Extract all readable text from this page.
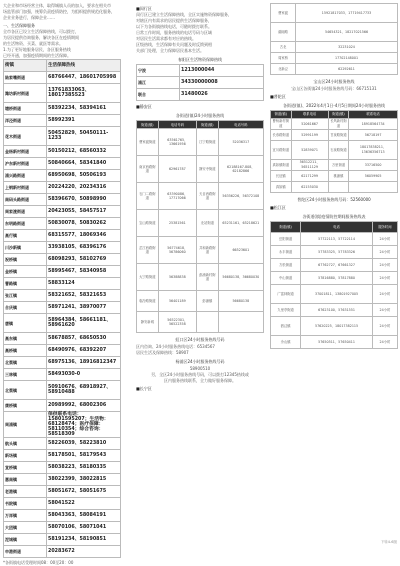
大企业和市场经营主体，取得城镇人员的加入，要求在相关市

场监管部门加强，统筹负责疫情防控，为组织提供规范化服务，

企业业务进行，保障企业……

一、生活保障服务

全市各区已设立生活保障热线，可以拨打，

为居民提供咨询服务，解决各区在疫情期间

的生活物资、买菜、就医等需求。

1.为了更好地服务居民，各区服务热线

已经开通，加强疫情期间的生活保障。

街镇	生活保障热线
陆家嘴街道	68766447、18601705998
潍坊新村街道	13761833063、18017385523
塘桥街道	58392234、58394161
洋泾街道	58992391
花木街道	50452829、50450111-1233
金杨新村街道	50150212、68560332
沪东新村街道	50840664、58341840
浦兴路街道	68950698、50506193
上钢新村街道	20224220、20234316
南码头路街道	58396670、50898990
周家渡街道	20423055、58457517
东明路街道	50830078、50830262
高行镇	68315577、18069346
川沙新镇	33938105、68396176
祝桥镇	68098293、58102769
金桥镇	58995467、58340958
曹路镇	58833124
张江镇	58321652、58321653
合庆镇	58971241、38970077
唐镇	58964384、58661181、58961620
高东镇	58678857、68650530
高桥镇	68490976、68392207
北蔡镇	68975136、18916812347
三林镇	58493030-0
北蔡镇	50910676、68918927、58910488
康桥镇	20989992、68002306
周浦镇	保供联系电话：15801595207；生活物：68128474；医疗保障：58110354；综合咨询：58518309
航头镇	58226039、58223810
新场镇	58178501、58179543
宣桥镇	58038223、58180335
惠南镇	38022399、38022815
老港镇	58051672、58051675
书院镇	58041522
万祥镇	58043363、58084191
大团镇	58070106、58071041
泥城镇	58191234、58190851
申港街道	20283672

*各街镇电话受理时间08：00至20：00

■闵行区

闵行区已建立生活保障热线，全区实施物资保障服务，

对辖区内有需求的居民提供生活保障服务，

以下为各街镇热线电话，可随时拨打联系。

日常工作时间，服务热线的电话号码与区域

对居民生活需求都有对应的热线。

区级热线，生活保障有关问题及时反馈到相

关部门处理，全力保障居民基本生活。

春阳区生活物资保障热线

宁波	1213000044
浦江	34330000008
联合	31480026

■静安区

各街道(镇)24小时服务热线

街道(镇)	电话号码	街道(镇)	电话号码
曹家渡街道	63561765、13661956	江宁路街道	52036317
南京西路街道	62961787	静安寺街道	62188167-808、62182866
石门二路街道	63390086、17717066	天目西路街道	56356226、56372108
宝山路街道	25381561	北站街道	65231161、65218621
芷江西路街道	56774618、56786060	共和新路街道	66523601
大宁路街道	56388838	彭浦新村街道	56680138、36680030
临汾路街道	56401189	彭浦镇	56680138
静安新城	56522301、56522358		

虹口区24小时服务热线号码

区内咨询、24小时服务热线电话：6534567

居民生活及保障热线：58907

杨浦区24小时服务热线号码

58900510

另，全区24小时服务热线号码，可以拨打12345热线或

区内服务热线联系，全力做好服务保障。

■长宁区

曹家渡	15921817033、17719417733
湖南路	54654321、18217021566
古北	32231024
周家桥	17702148001
北新泾	62292611

宝山区24小时服务热线

宝山区各街镇24小时服务热线号码：66715131

■普陀区

各街道(镇)、2022年4月1日-4月5日期间24小时服务热线

街道(镇)	联系电话	街道(镇)	联系电话
曹杨新村街道	52061667	长风新村街道	18918564734
长寿路街道	52991199	甘泉路街道	56718197
宜川路街道	52839071	石泉路街道	18017838211、13636356713
真如镇街道	56512211、56511129	万里街道	33716500
长征镇	62171299	桃浦镇	56059905
真如镇	62155030		

普陀区24小时服务热线号码：52560000

■松江区

各街道(镇)疫情防控期间服务热线表

街道(镇)	电话	服务时间
岳阳街道	57722113、57722114	24小时
永丰街道	57783325、57783326	24小时
方松街道	67762727、67661327	24小时
中山街道	57816880、57817880	24小时
广富林街道	37001811、13801927005	24小时
九里亭街道	67623100、57631551	24小时
泗泾镇	57620225、18017382115	24小时
佘山镇	57650511、57650411	24小时
下转4-6版
